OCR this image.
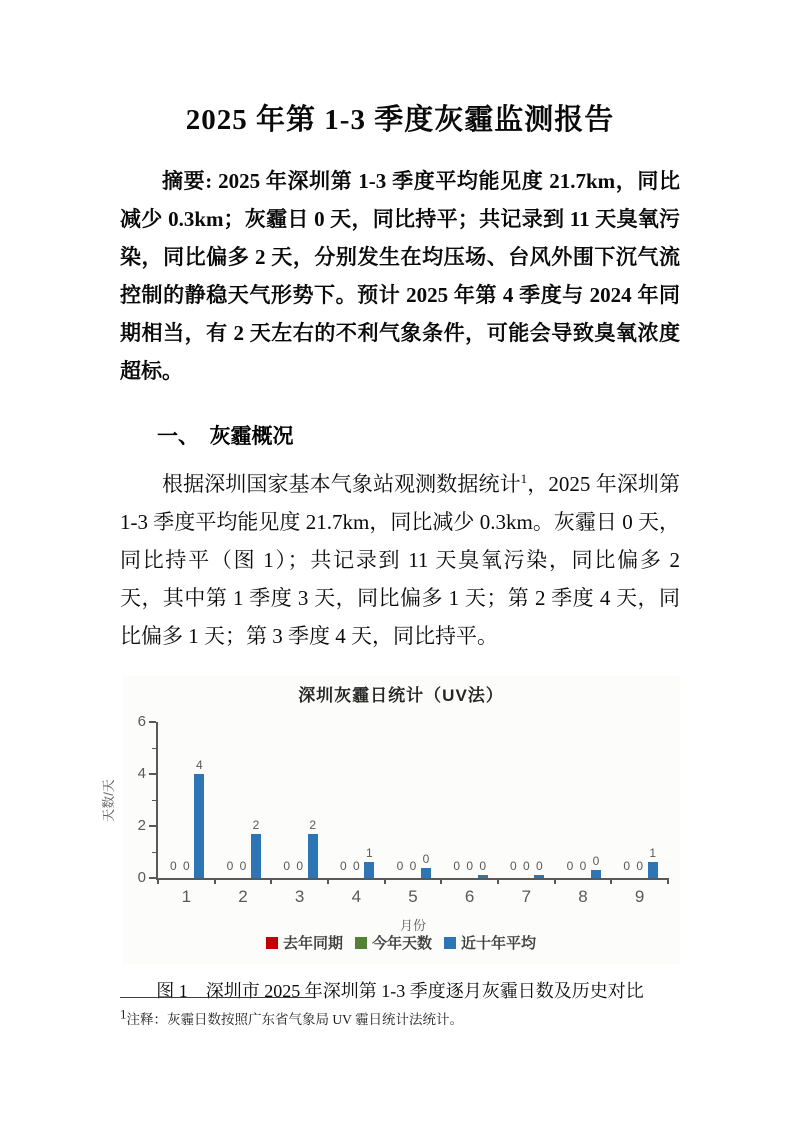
2025 年第 1-3 季度灰霾监测报告
摘要: 2025 年深圳第 1-3 季度平均能见度 21.7km，同比减少 0.3km；灰霾日 0 天，同比持平；共记录到 11 天臭氧污染，同比偏多 2 天，分别发生在均压场、台风外围下沉气流控制的静稳天气形势下。预计 2025 年第 4 季度与 2024 年同期相当，有 2 天左右的不利气象条件，可能会导致臭氧浓度超标。
一、　灰霾概况
根据深圳国家基本气象站观测数据统计$^1$，2025 年深圳第 1-3 季度平均能见度 21.7km，同比减少 0.3km。灰霾日 0 天，同比持平（图 1）；共记录到 11 天臭氧污染，同比偏多 2 天，其中第 1 季度 3 天，同比偏多 1 天；第 2 季度 4 天，同比偏多 1 天；第 3 季度 4 天，同比持平。
深圳灰霾日统计（UV法）
天数/天
月份
0
2
4
6
0 0
4
1
0 0
2
2
0 0
2
3
0 0
1
4
0 0
0
5
0 0 0
6
0 0 0
7
0 0 0
8
0 0
1
9
去年同期 今年天数 近十年平均
图 1　深圳市 2025 年深圳第 1-3 季度逐月灰霾日数及历史对比
$^1$注释：灰霾日数按照广东省气象局 UV 霾日统计法统计。
